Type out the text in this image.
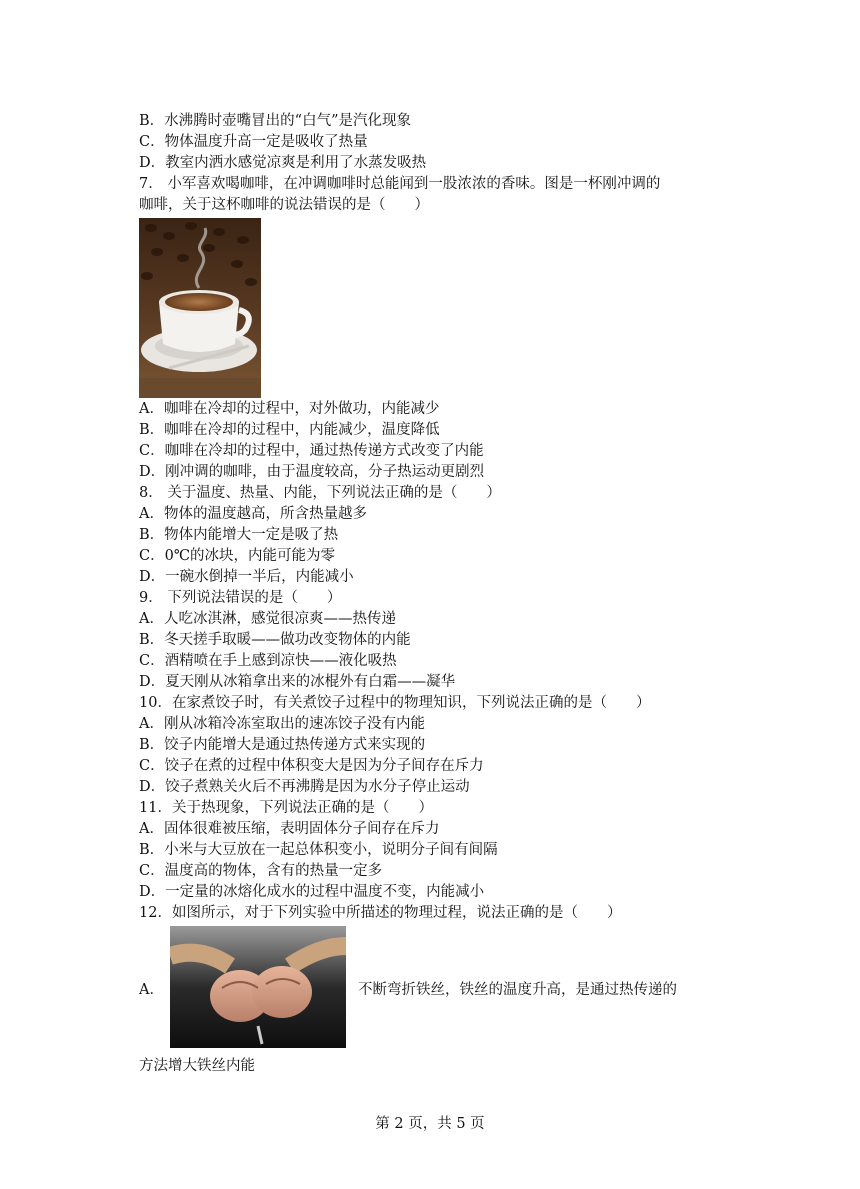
B．水沸腾时壶嘴冒出的“白气”是汽化现象
C．物体温度升高一定是吸收了热量
D．教室内洒水感觉凉爽是利用了水蒸发吸热
7． 小军喜欢喝咖啡，在冲调咖啡时总能闻到一股浓浓的香味。图是一杯刚冲调的
咖啡，关于这杯咖啡的说法错误的是（　　）
A．咖啡在冷却的过程中，对外做功，内能减少
B．咖啡在冷却的过程中，内能减少，温度降低
C．咖啡在冷却的过程中，通过热传递方式改变了内能
D．刚冲调的咖啡，由于温度较高，分子热运动更剧烈
8． 关于温度、热量、内能，下列说法正确的是（　　）
A．物体的温度越高，所含热量越多
B．物体内能增大一定是吸了热
C．0℃的冰块，内能可能为零
D．一碗水倒掉一半后，内能减小
9． 下列说法错误的是（　　）
A．人吃冰淇淋，感觉很凉爽——热传递
B．冬天搓手取暖——做功改变物体的内能
C．酒精喷在手上感到凉快——液化吸热
D．夏天刚从冰箱拿出来的冰棍外有白霜——凝华
10．在家煮饺子时，有关煮饺子过程中的物理知识，下列说法正确的是（　　）
A．刚从冰箱冷冻室取出的速冻饺子没有内能
B．饺子内能增大是通过热传递方式来实现的
C．饺子在煮的过程中体积变大是因为分子间存在斥力
D．饺子煮熟关火后不再沸腾是因为水分子停止运动
11．关于热现象，下列说法正确的是（　　）
A．固体很难被压缩，表明固体分子间存在斥力
B．小米与大豆放在一起总体积变小，说明分子间有间隔
C．温度高的物体，含有的热量一定多
D．一定量的冰熔化成水的过程中温度不变，内能减小
12．如图所示，对于下列实验中所描述的物理过程，说法正确的是（　　）
A．	不断弯折铁丝，铁丝的温度升高，是通过热传递的
方法增大铁丝内能
第 2 页，共 5 页
